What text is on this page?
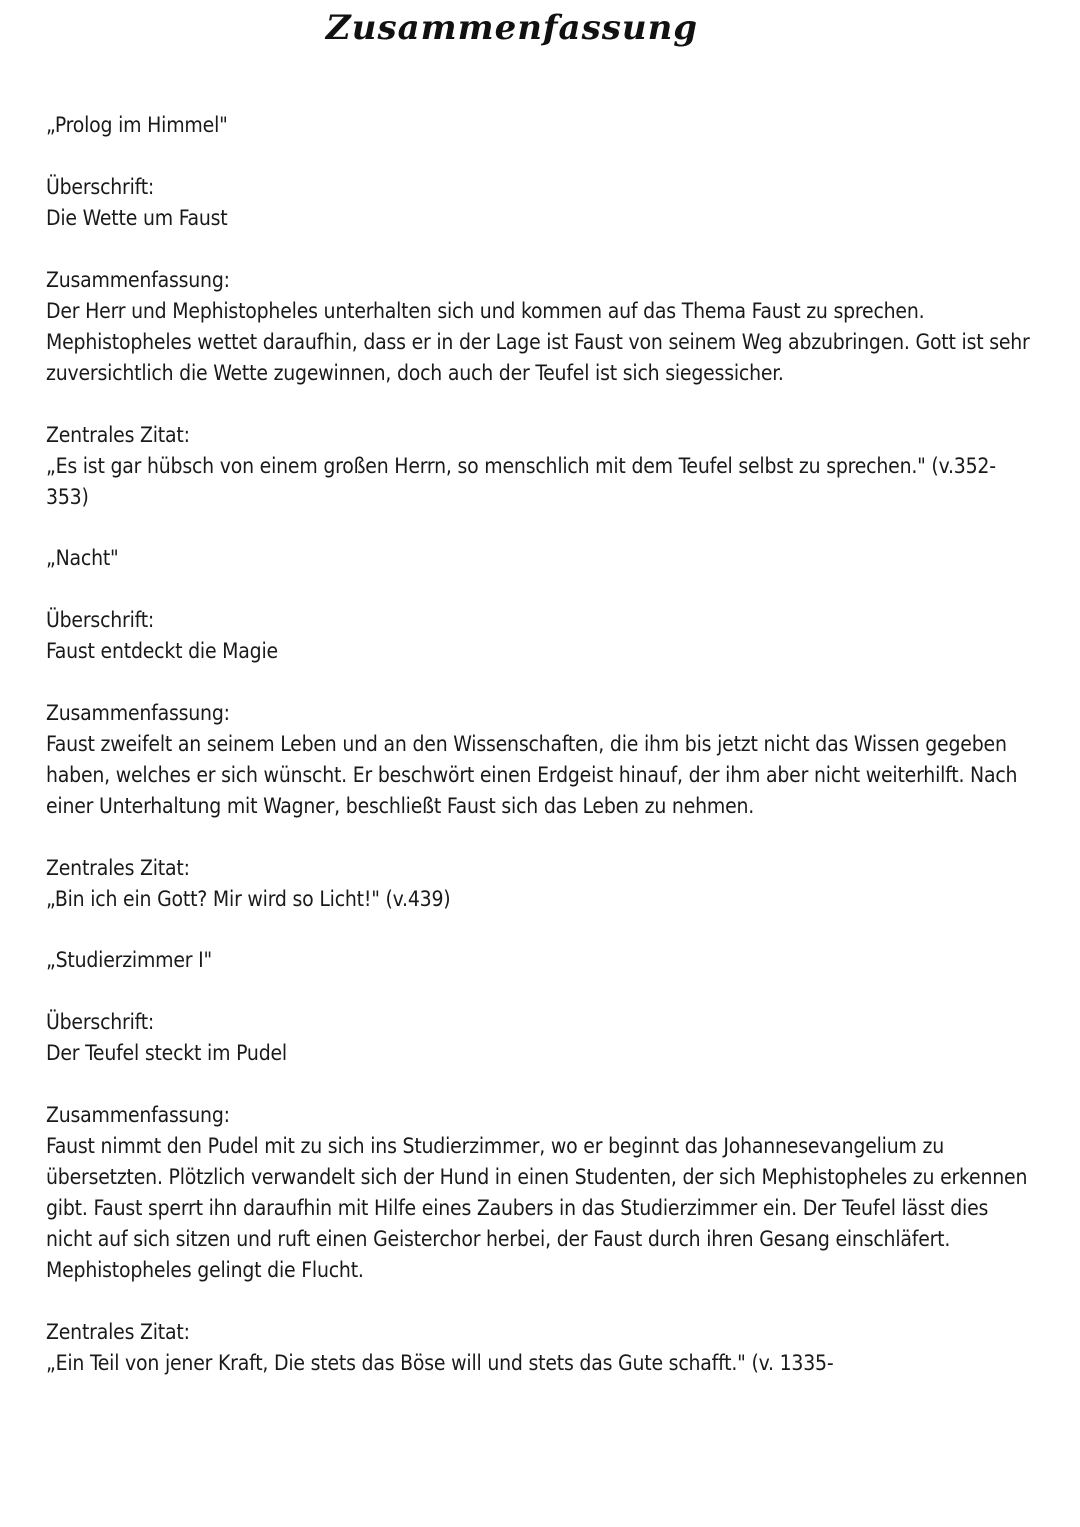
Zusammenfassung
„Prolog im Himmel"
Überschrift:
Die Wette um Faust
Zusammenfassung:

Der Herr und Mephistopheles unterhalten sich und kommen auf das Thema Faust zu sprechen. Mephistopheles wettet daraufhin, dass er in der Lage ist Faust von seinem Weg abzubringen. Gott ist sehr zuversichtlich die Wette zugewinnen, doch auch der Teufel ist sich siegessicher.

Zentrales Zitat:

„Es ist gar hübsch von einem großen Herrn, so menschlich mit dem Teufel selbst zu sprechen." (v.352-353)

„Nacht"
Überschrift:
Faust entdeckt die Magie
Zusammenfassung:

Faust zweifelt an seinem Leben und an den Wissenschaften, die ihm bis jetzt nicht das Wissen gegeben haben, welches er sich wünscht. Er beschwört einen Erdgeist hinauf, der ihm aber nicht weiterhilft. Nach einer Unterhaltung mit Wagner, beschließt Faust sich das Leben zu nehmen.

Zentrales Zitat:

„Bin ich ein Gott? Mir wird so Licht!" (v.439)

„Studierzimmer I"
Überschrift:
Der Teufel steckt im Pudel
Zusammenfassung:

Faust nimmt den Pudel mit zu sich ins Studierzimmer, wo er beginnt das Johannesevangelium zu übersetzten. Plötzlich verwandelt sich der Hund in einen Studenten, der sich Mephistopheles zu erkennen gibt. Faust sperrt ihn daraufhin mit Hilfe eines Zaubers in das Studierzimmer ein. Der Teufel lässt dies nicht auf sich sitzen und ruft einen Geisterchor herbei, der Faust durch ihren Gesang einschläfert. Mephistopheles gelingt die Flucht.

Zentrales Zitat:

„Ein Teil von jener Kraft, Die stets das Böse will und stets das Gute schafft." (v. 1335-
